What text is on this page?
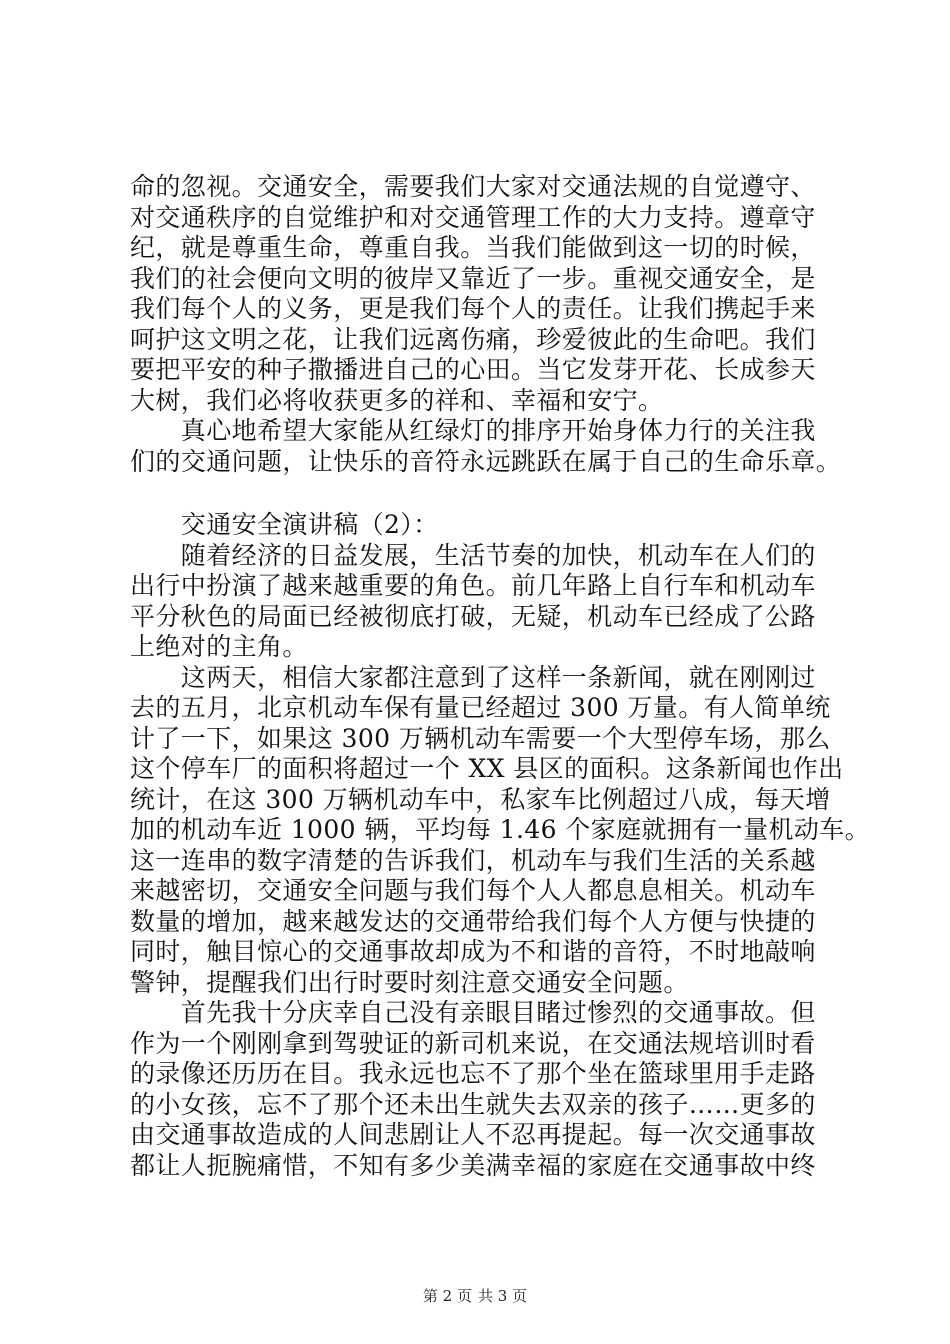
命的忽视。交通安全，需要我们大家对交通法规的自觉遵守、
对交通秩序的自觉维护和对交通管理工作的大力支持。遵章守
纪，就是尊重生命，尊重自我。当我们能做到这一切的时候，
我们的社会便向文明的彼岸又靠近了一步。重视交通安全，是
我们每个人的义务，更是我们每个人的责任。让我们携起手来
呵护这文明之花，让我们远离伤痛，珍爱彼此的生命吧。我们
要把平安的种子撒播进自己的心田。当它发芽开花、长成参天
大树，我们必将收获更多的祥和、幸福和安宁。
　　真心地希望大家能从红绿灯的排序开始身体力行的关注我
们的交通问题，让快乐的音符永远跳跃在属于自己的生命乐章。
　　交通安全演讲稿（2）：
　　随着经济的日益发展，生活节奏的加快，机动车在人们的
出行中扮演了越来越重要的角色。前几年路上自行车和机动车
平分秋色的局面已经被彻底打破，无疑，机动车已经成了公路
上绝对的主角。
　　这两天，相信大家都注意到了这样一条新闻，就在刚刚过
去的五月，北京机动车保有量已经超过 300 万量。有人简单统
计了一下，如果这 300 万辆机动车需要一个大型停车场，那么
这个停车厂的面积将超过一个 XX 县区的面积。这条新闻也作出
统计，在这 300 万辆机动车中，私家车比例超过八成，每天增
加的机动车近 1000 辆，平均每 1.46 个家庭就拥有一量机动车。
这一连串的数字清楚的告诉我们，机动车与我们生活的关系越
来越密切，交通安全问题与我们每个人人都息息相关。机动车
数量的增加，越来越发达的交通带给我们每个人方便与快捷的
同时，触目惊心的交通事故却成为不和谐的音符，不时地敲响
警钟，提醒我们出行时要时刻注意交通安全问题。
　　首先我十分庆幸自己没有亲眼目睹过惨烈的交通事故。但
作为一个刚刚拿到驾驶证的新司机来说，在交通法规培训时看
的录像还历历在目。我永远也忘不了那个坐在篮球里用手走路
的小女孩，忘不了那个还未出生就失去双亲的孩子……更多的
由交通事故造成的人间悲剧让人不忍再提起。每一次交通事故
都让人扼腕痛惜，不知有多少美满幸福的家庭在交通事故中终
第 2 页 共 3 页
